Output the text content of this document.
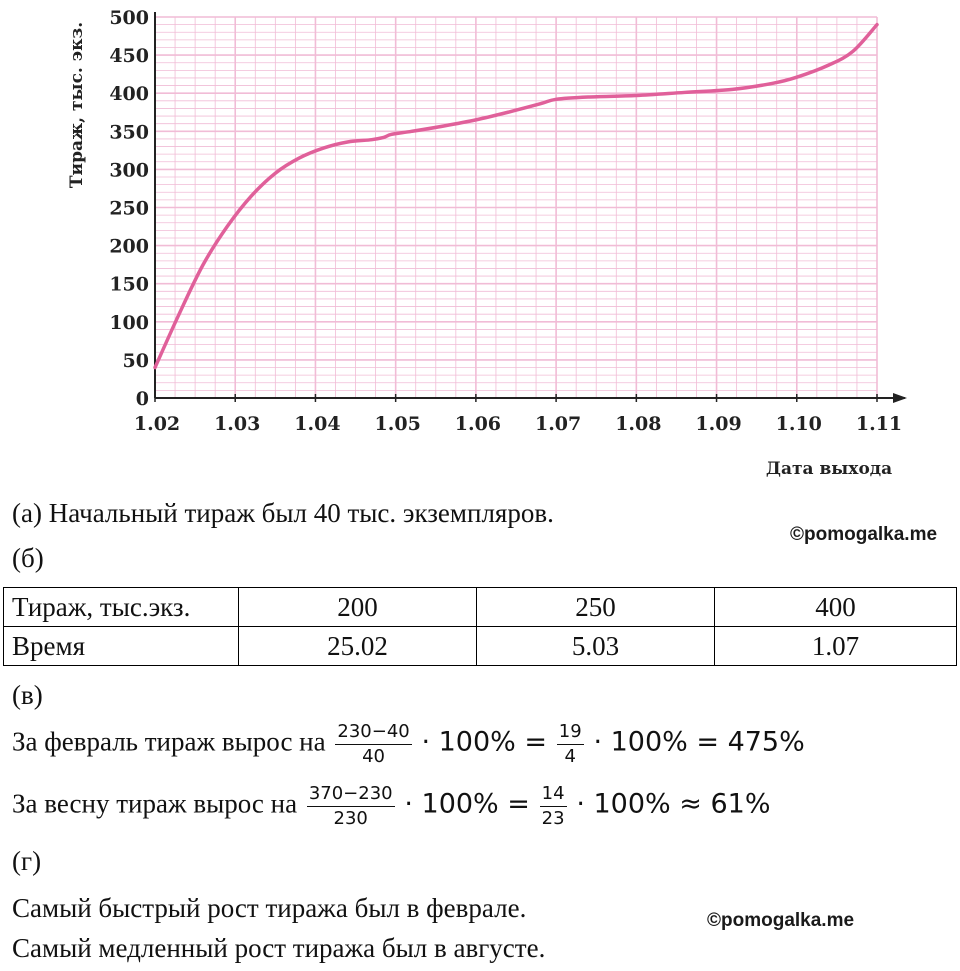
0
50
100
150
200
250
300
350
400
450
500
1.02 1.03 1.04 1.05 1.06 1.07 1.08 1.09 1.10 1.11
Тираж, тыс. экз.
Дата выхода
(а) Начальный тираж был 40 тыс. экземпляров.
©pomogalka.me
(б)
Тираж, тыс.экз.	200	250	400
Время	25.02	5.03	1.07
(в)
За февраль тираж вырос на $\frac{230-40}{40} \cdot 100\% = \frac{19}{4} \cdot 100\% = 475\%$
За весну тираж вырос на $\frac{370-230}{230} \cdot 100\% = \frac{14}{23} \cdot 100\% \approx 61\%$
(г)
Самый быстрый рост тиража был в феврале.	©pomogalka.me
Самый медленный рост тиража был в августе.
